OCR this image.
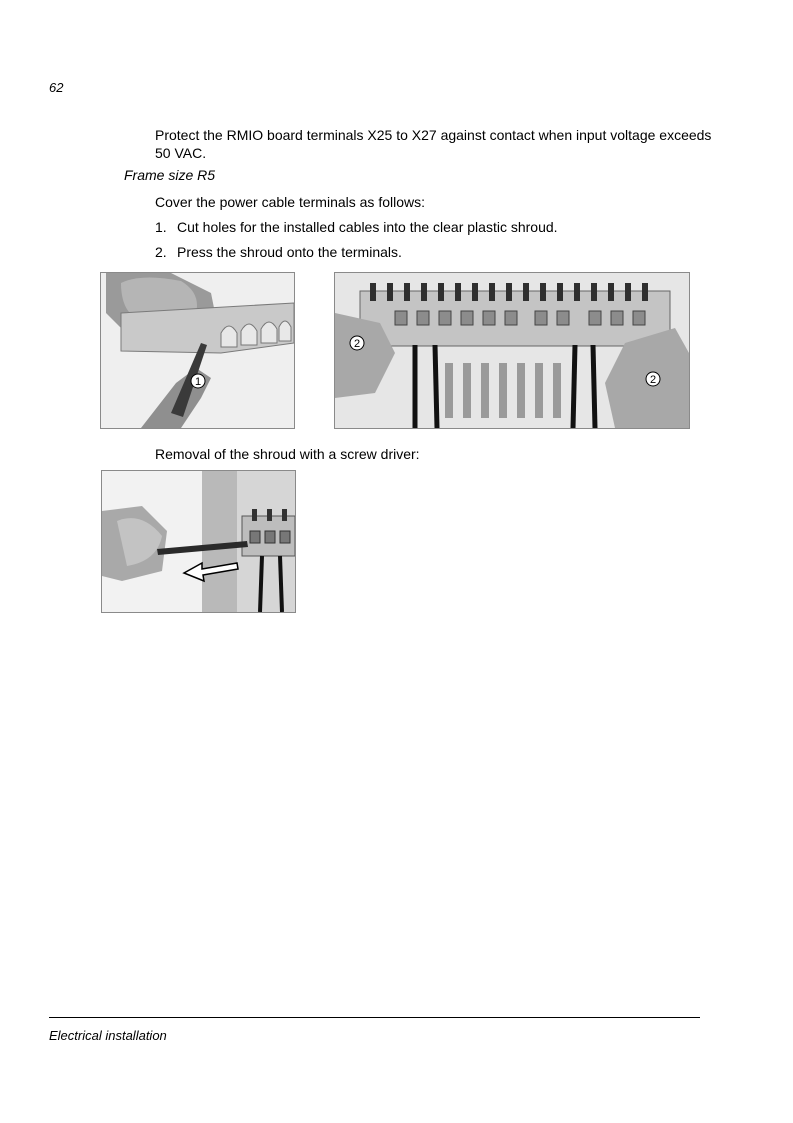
62
Protect the RMIO board terminals X25 to X27 against contact when input voltage exceeds 50 VAC.
Frame size R5
Cover the power cable terminals as follows:
1. Cut holes for the installed cables into the clear plastic shroud.
2. Press the shroud onto the terminals.
1
2
2
Removal of the shroud with a screw driver:
Electrical installation
